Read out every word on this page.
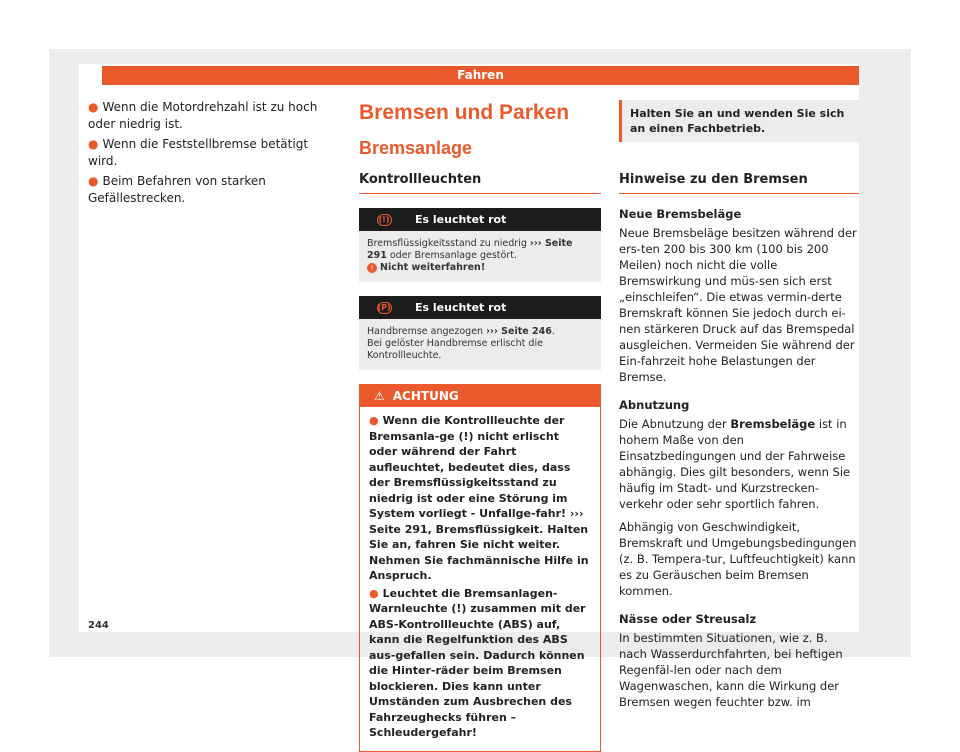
Fahren
● Wenn die Motordrehzahl ist zu hoch oder niedrig ist.
● Wenn die Feststellbremse betätigt wird.
● Beim Befahren von starken Gefällestrecken.
Bremsen und Parken
Bremsanlage
Kontrollleuchten
(!) Es leuchtet rot
Bremsflüssigkeitsstand zu niedrig ››› Seite 291 oder Bremsanlage gestört.
! Nicht weiterfahren!
(P) Es leuchtet rot
Handbremse angezogen ››› Seite 246.
Bei gelöster Handbremse erlischt die Kontrollleuchte.
⚠ ACHTUNG

● Wenn die Kontrollleuchte der Bremsanla-ge (!) nicht erlischt oder während der Fahrt aufleuchtet, bedeutet dies, dass der Bremsflüssigkeitsstand zu niedrig ist oder eine Störung im System vorliegt - Unfallge-fahr! ››› Seite 291, Bremsflüssigkeit. Halten Sie an, fahren Sie nicht weiter. Nehmen Sie fachmännische Hilfe in Anspruch.

● Leuchtet die Bremsanlagen-Warnleuchte (!) zusammen mit der ABS-Kontrollleuchte (ABS) auf, kann die Regelfunktion des ABS aus-gefallen sein. Dadurch können die Hinter-räder beim Bremsen blockieren. Dies kann unter Umständen zum Ausbrechen des Fahrzeughecks führen – Schleudergefahr!

Halten Sie an und wenden Sie sich an einen Fachbetrieb.
Hinweise zu den Bremsen
Neue Bremsbeläge
Neue Bremsbeläge besitzen während der ers-ten 200 bis 300 km (100 bis 200 Meilen) noch nicht die volle Bremswirkung und müs-sen sich erst „einschleifen“. Die etwas vermin-derte Bremskraft können Sie jedoch durch ei-nen stärkeren Druck auf das Bremspedal ausgleichen. Vermeiden Sie während der Ein-fahrzeit hohe Belastungen der Bremse.
Abnutzung
Die Abnutzung der Bremsbeläge ist in hohem Maße von den Einsatzbedingungen und der Fahrweise abhängig. Dies gilt besonders, wenn Sie häufig im Stadt- und Kurzstrecken-verkehr oder sehr sportlich fahren.
Abhängig von Geschwindigkeit, Bremskraft und Umgebungsbedingungen (z. B. Tempera-tur, Luftfeuchtigkeit) kann es zu Geräuschen beim Bremsen kommen.
Nässe oder Streusalz
In bestimmten Situationen, wie z. B. nach Wasserdurchfahrten, bei heftigen Regenfäl-len oder nach dem Wagenwaschen, kann die Wirkung der Bremsen wegen feuchter bzw. im
244
